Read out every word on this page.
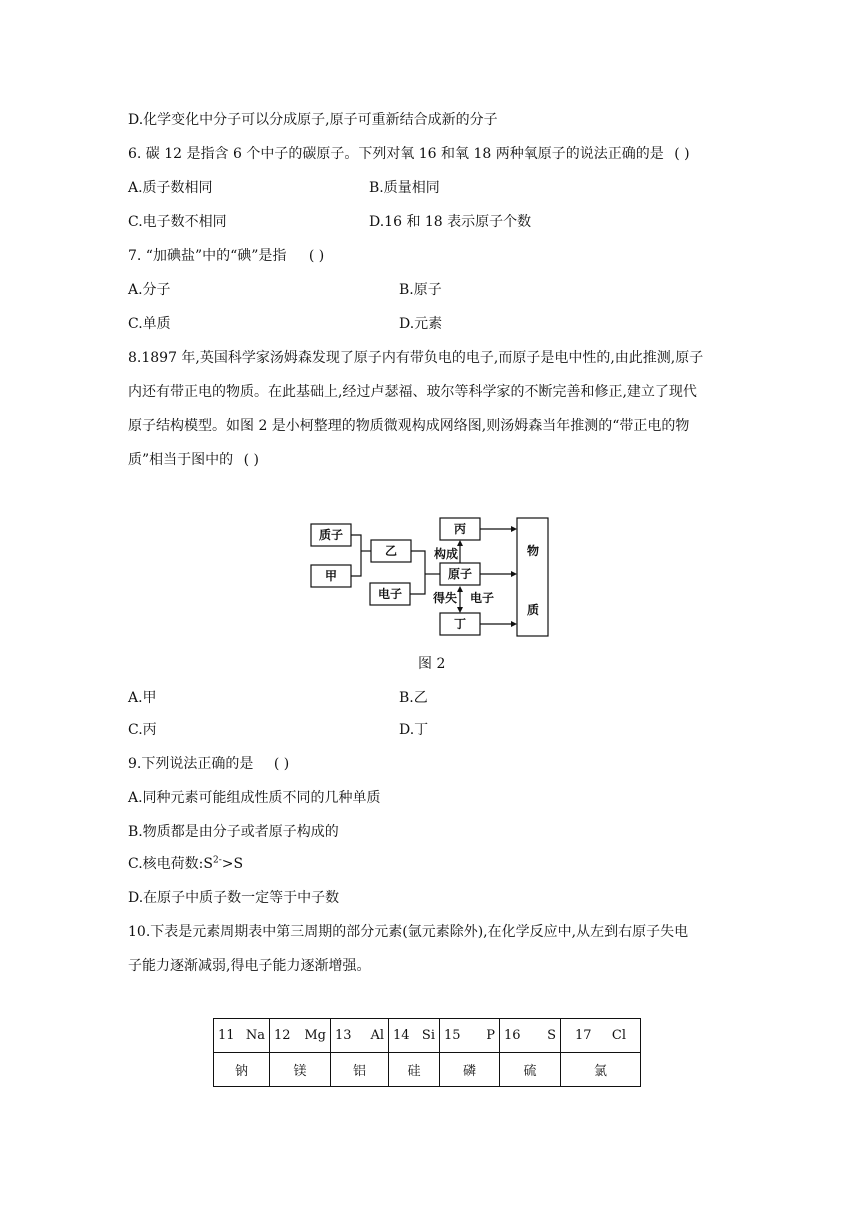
D.化学变化中分子可以分成原子,原子可重新结合成新的分子
6. 碳 12 是指含 6 个中子的碳原子。下列对氧 16 和氧 18 两种氧原子的说法正确的是 ( )
A.质子数相同	B.质量相同
C.电子数不相同	D.16 和 18 表示原子个数
7. “加碘盐”中的“碘”是指 ( )
A.分子	B.原子
C.单质	D.元素
8.1897 年,英国科学家汤姆森发现了原子内有带负电的电子,而原子是电中性的,由此推测,原子
内还有带正电的物质。在此基础上,经过卢瑟福、玻尔等科学家的不断完善和修正,建立了现代
原子结构模型。如图 2 是小柯整理的物质微观构成网络图,则汤姆森当年推测的“带正电的物
质”相当于图中的 ( )
质子
甲
乙
电子
丙
原子
丁
构成
得失 电子
物
质
图 2
A.甲	B.乙
C.丙	D.丁
9.下列说法正确的是 ( )
A.同种元素可能组成性质不同的几种单质
B.物质都是由分子或者原子构成的
C.核电荷数$:S^{2-}>S$
D.在原子中质子数一定等于中子数
10.下表是元素周期表中第三周期的部分元素(氩元素除外),在化学反应中,从左到右原子失电
子能力逐渐减弱,得电子能力逐渐增强。
11 Na	12 Mg	13 Al	14 Si	15 P	16 S	17 Cl
钠	镁	铝	硅	磷	硫	氯
